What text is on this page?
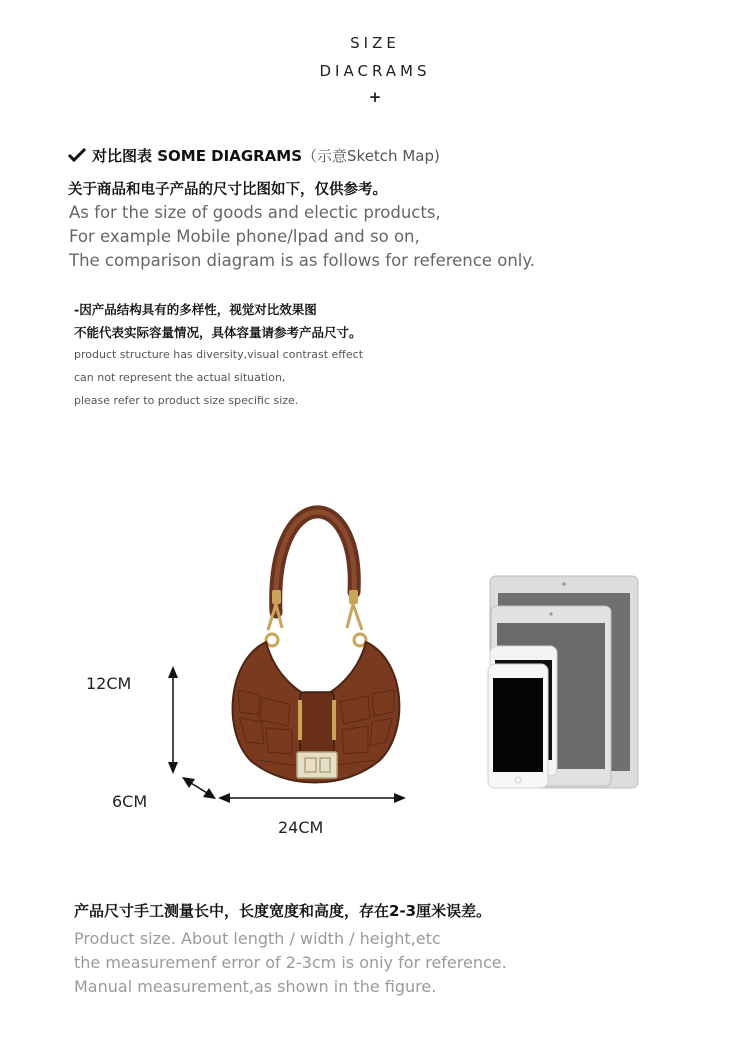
SIZE
DIACRAMS
+
对比图表 SOME DIAGRAMS（示意Sketch Map)
关于商品和电子产品的尺寸比图如下，仅供参考。
As for the size of goods and electic products,
For example Mobile phone/lpad and so on,
The comparison diagram is as follows for reference only.
-因产品结构具有的多样性，视觉对比效果图
不能代表实际容量情况，具体容量请参考产品尺寸。
product structure has diversity,visual contrast effect
can not represent the actual situation,
please refer to product size specific size.
12CM
6CM
24CM
产品尺寸手工测量长中，长度宽度和高度，存在2-3厘米误差。
Product size. About length / width / height,etc
the measuremenf error of 2-3cm is oniy for reference.
Manual measurement,as shown in the figure.
